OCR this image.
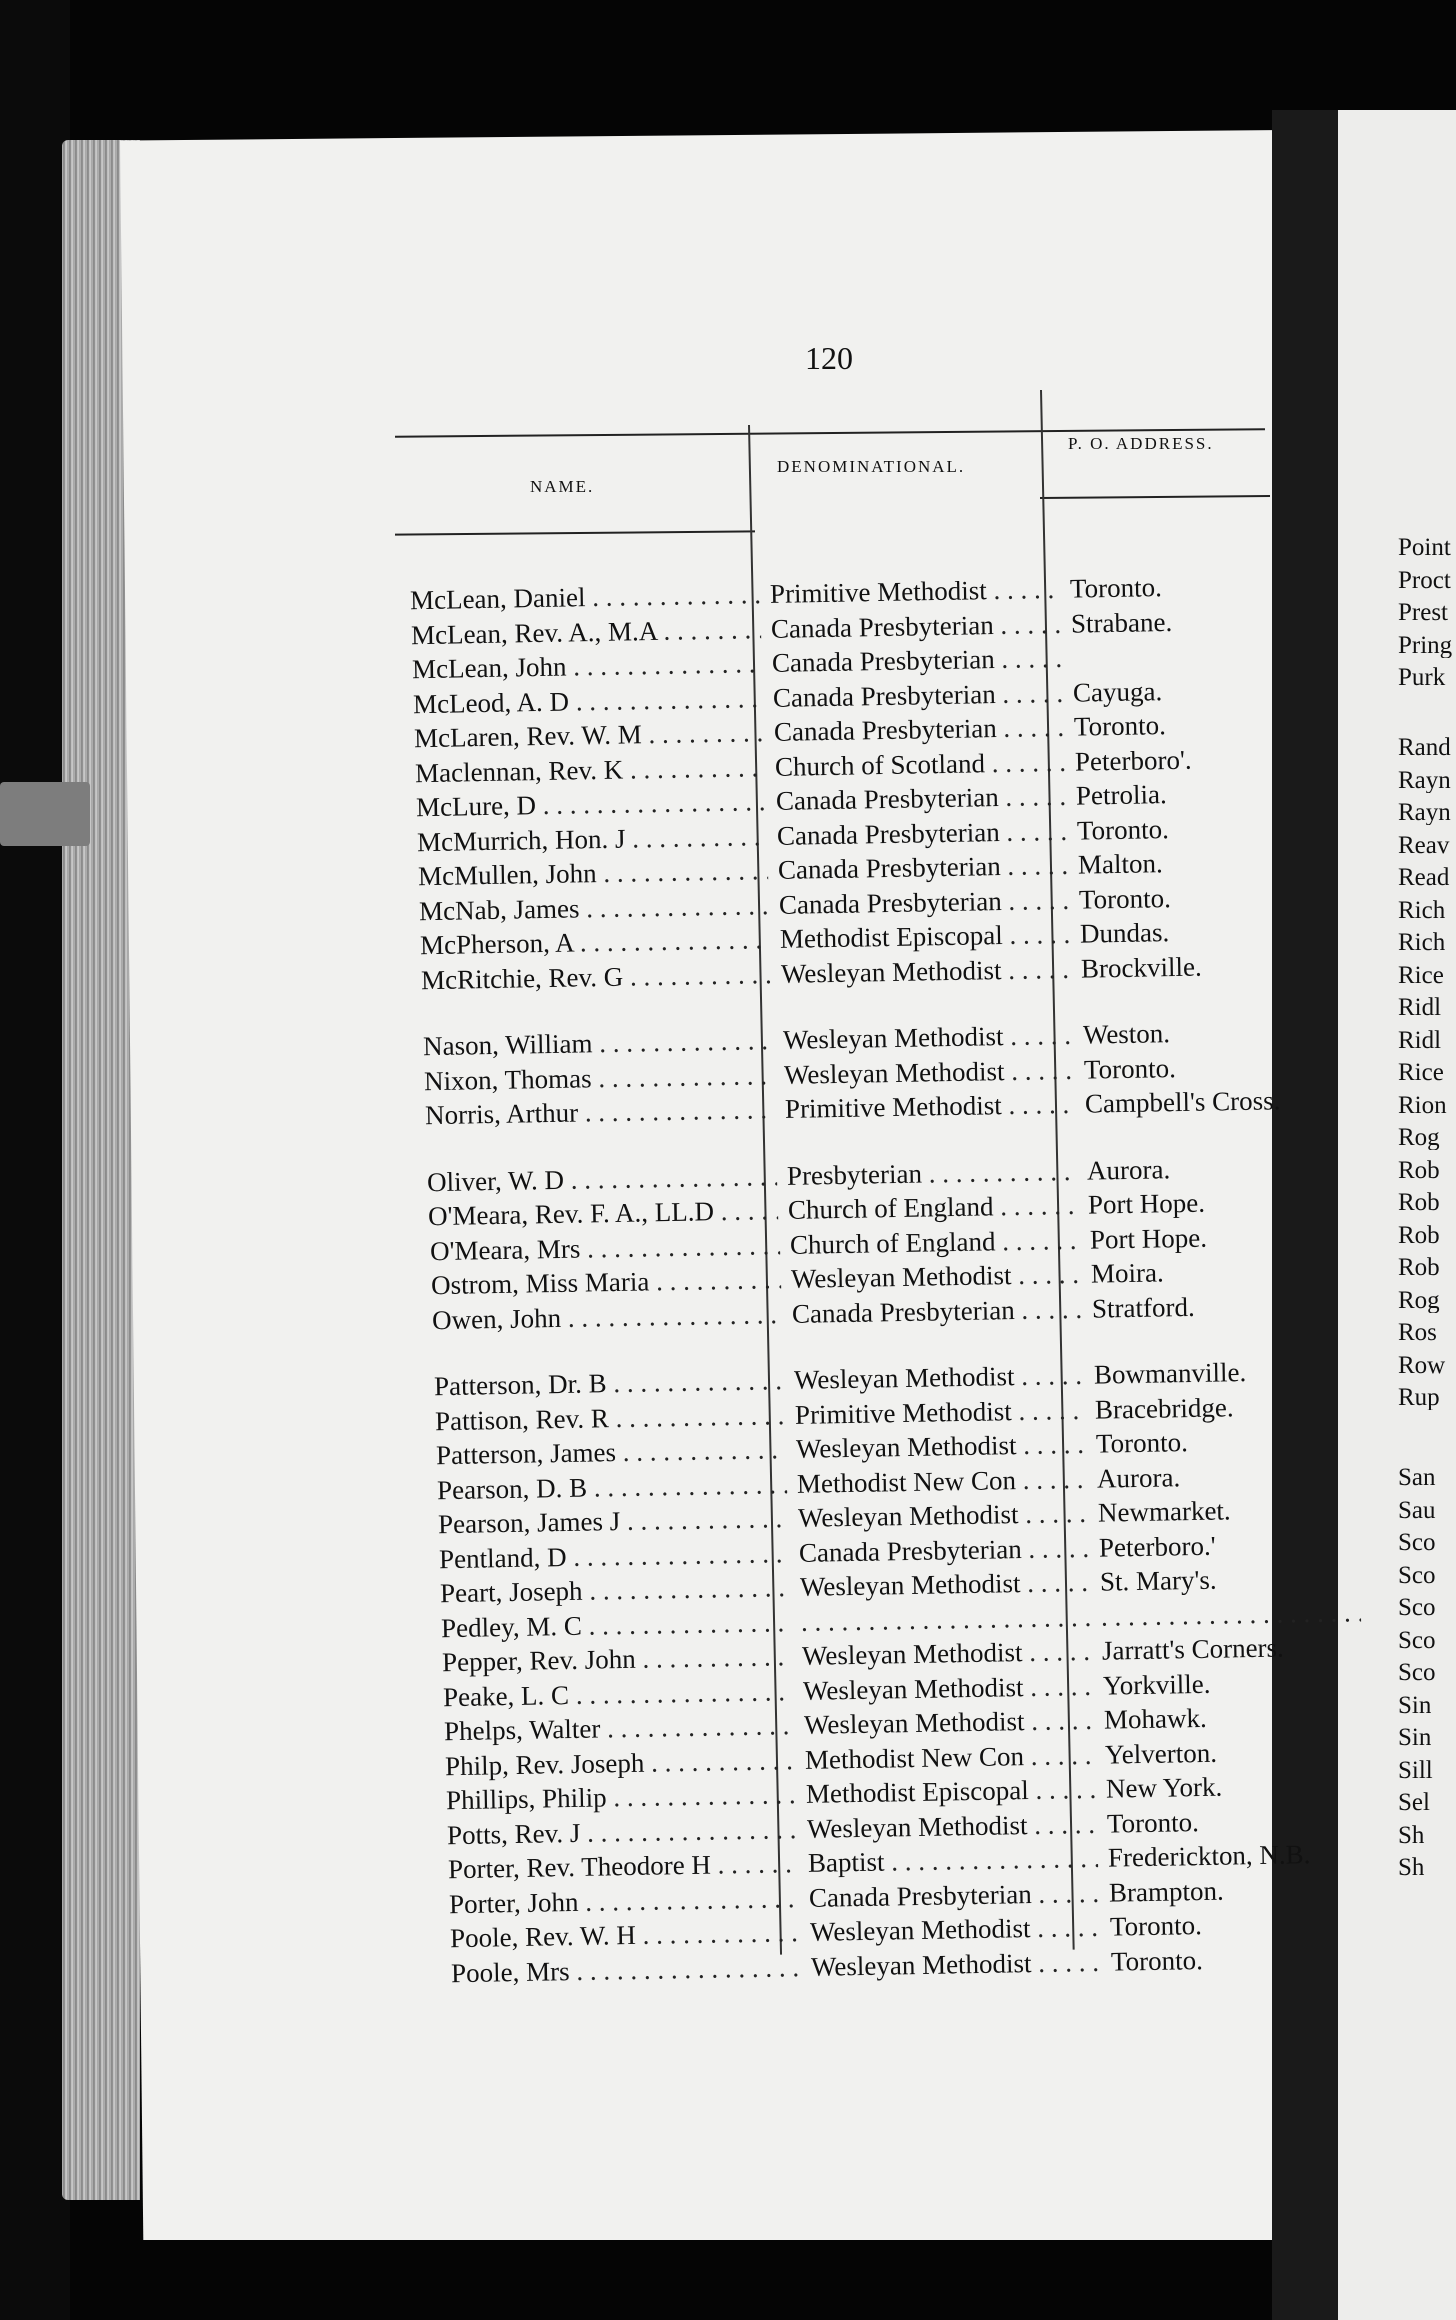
Point
Proct
Prest
Pring
Purk
Rand
Rayn
Rayn
Reav
Read
Rich
Rich
Rice
Ridl
Ridl
Rice
Rion
Rog
Rob
Rob
Rob
Rob
Rog
Ros
Row
Rup
San
Sau
Sco
Sco
Sco
Sco
Sco
Sin
Sin
Sill
Sel
Sh
Sh
120
NAME.
DENOMINATIONAL.
P. O. ADDRESS.
McLean, Daniel . . .	Primitive Methodist . . .	Toronto.
McLean, Rev. A., M.A . . .	Canada Presbyterian . . .	Strabane.
McLean, John . . .	Canada Presbyterian . . .
McLeod, A. D . . .	Canada Presbyterian . . .	Cayuga.
McLaren, Rev. W. M . . .	Canada Presbyterian . . .	Toronto.
Maclennan, Rev. K . . .	Church of Scotland . . .	Peterboro'.
McLure, D . . .	Canada Presbyterian . . .	Petrolia.
McMurrich, Hon. J . . .	Canada Presbyterian . . .	Toronto.
McMullen, John . . .	Canada Presbyterian . . .	Malton.
McNab, James . . .	Canada Presbyterian . . .	Toronto.
McPherson, A . . .	Methodist Episcopal . . .	Dundas.
McRitchie, Rev. G . . .	Wesleyan Methodist . . .	Brockville.
Nason, William . . .	Wesleyan Methodist . . .	Weston.
Nixon, Thomas . . .	Wesleyan Methodist . . .	Toronto.
Norris, Arthur . . .	Primitive Methodist . . .	Campbell's Cross.
Oliver, W. D . . .	Presbyterian . . .	Aurora.
O'Meara, Rev. F. A., LL.D . . .	Church of England . . .	Port Hope.
O'Meara, Mrs . . .	Church of England . . .	Port Hope.
Ostrom, Miss Maria . . .	Wesleyan Methodist . . .	Moira.
Owen, John . . .	Canada Presbyterian . . .	Stratford.
Patterson, Dr. B . . .	Wesleyan Methodist . . .	Bowmanville.
Pattison, Rev. R . . .	Primitive Methodist . . .	Bracebridge.
Patterson, James . . .	Wesleyan Methodist . . .	Toronto.
Pearson, D. B . . .	Methodist New Con . . .	Aurora.
Pearson, James J . . .	Wesleyan Methodist . . .	Newmarket.
Pentland, D . . .	Canada Presbyterian . . .	Peterboro.'
Peart, Joseph . . .	Wesleyan Methodist . . .	St. Mary's.
Pedley, M. C . . .
. . .
. . .
Pepper, Rev. John . . .	Wesleyan Methodist . . .	Jarratt's Corners.
Peake, L. C . . .	Wesleyan Methodist . . .	Yorkville.
Phelps, Walter . . .	Wesleyan Methodist . . .	Mohawk.
Philp, Rev. Joseph . . .	Methodist New Con . . .	Yelverton.
Phillips, Philip . . .	Methodist Episcopal . . .	New York.
Potts, Rev. J . . .	Wesleyan Methodist . . .	Toronto.
Porter, Rev. Theodore H . . .	Baptist . . .	Frederickton, N.B.
Porter, John . . .	Canada Presbyterian . . .	Brampton.
Poole, Rev. W. H . . .	Wesleyan Methodist . . .	Toronto.
Poole, Mrs . . .	Wesleyan Methodist . . .	Toronto.
